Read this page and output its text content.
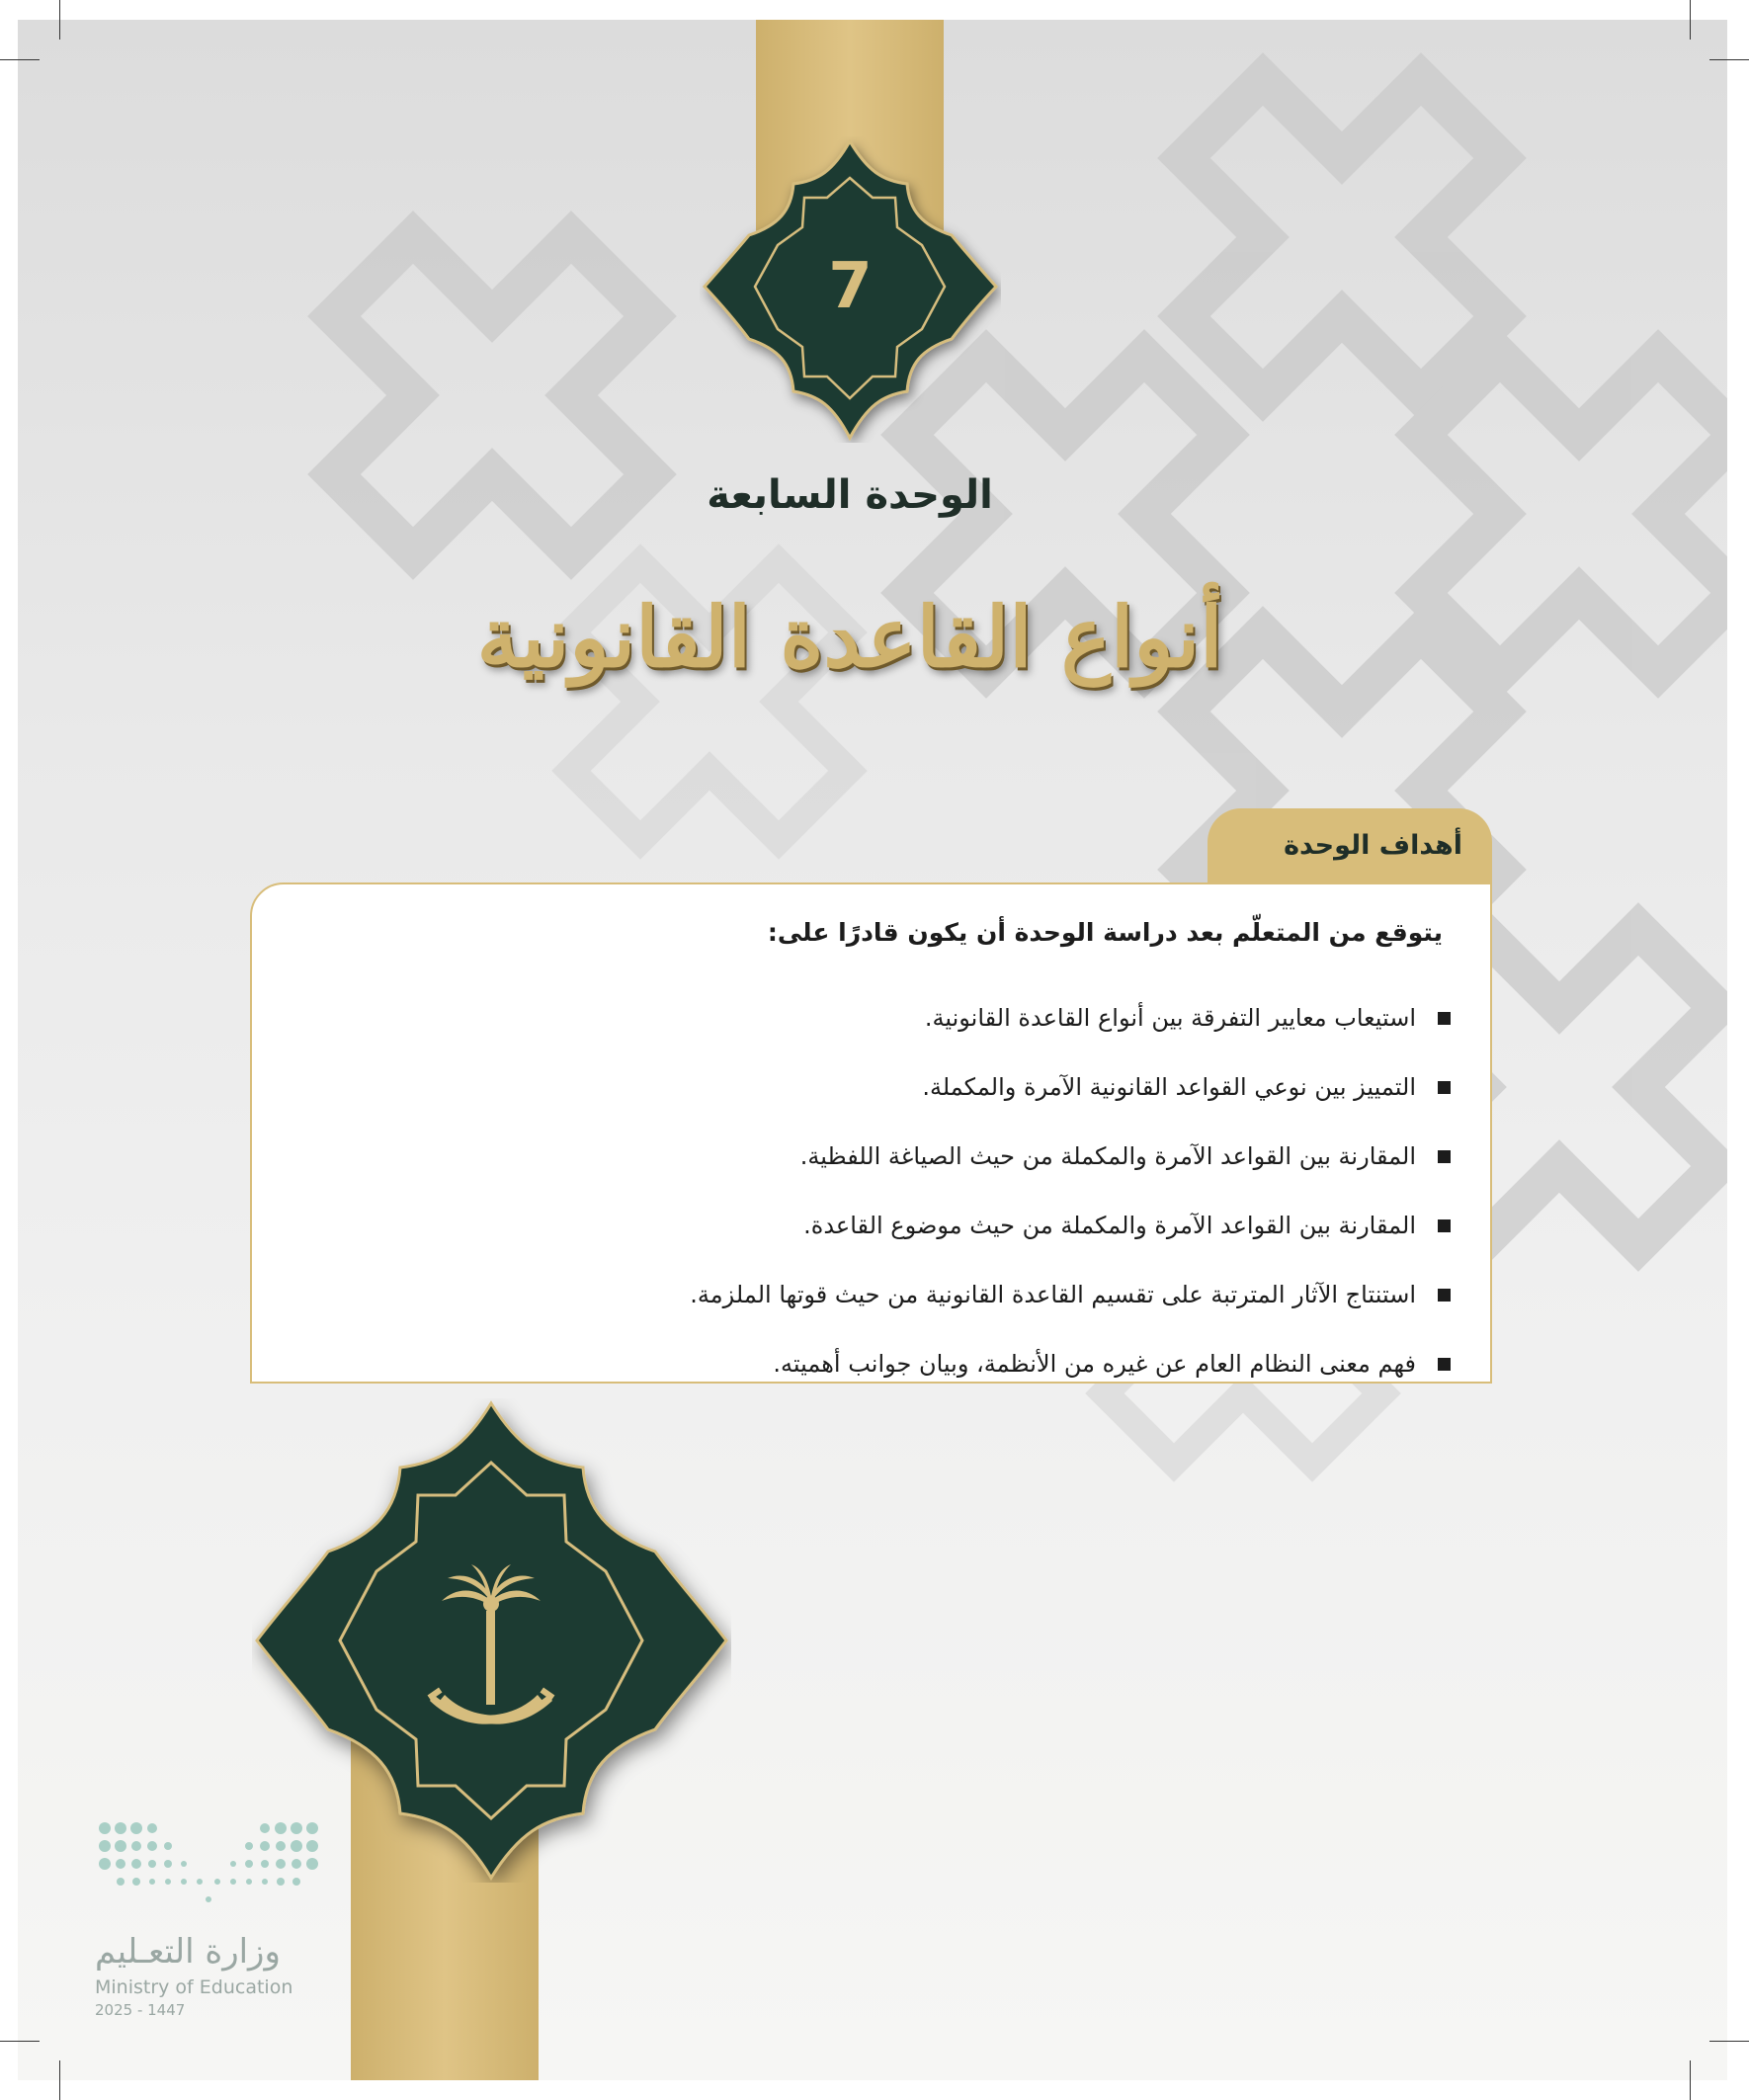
7
الوحدة السابعة
أنواع القاعدة القانونية
أهداف الوحدة
يتوقع من المتعلّم بعد دراسة الوحدة أن يكون قادرًا على:
استيعاب معايير التفرقة بين أنواع القاعدة القانونية.
التمييز بين نوعي القواعد القانونية الآمرة والمكملة.
المقارنة بين القواعد الآمرة والمكملة من حيث الصياغة اللفظية.
المقارنة بين القواعد الآمرة والمكملة من حيث موضوع القاعدة.
استنتاج الآثار المترتبة على تقسيم القاعدة القانونية من حيث قوتها الملزمة.
فهم معنى النظام العام عن غيره من الأنظمة، وبيان جوانب أهميته.
وزارة التعـليم
Ministry of Education
2025 - 1447
